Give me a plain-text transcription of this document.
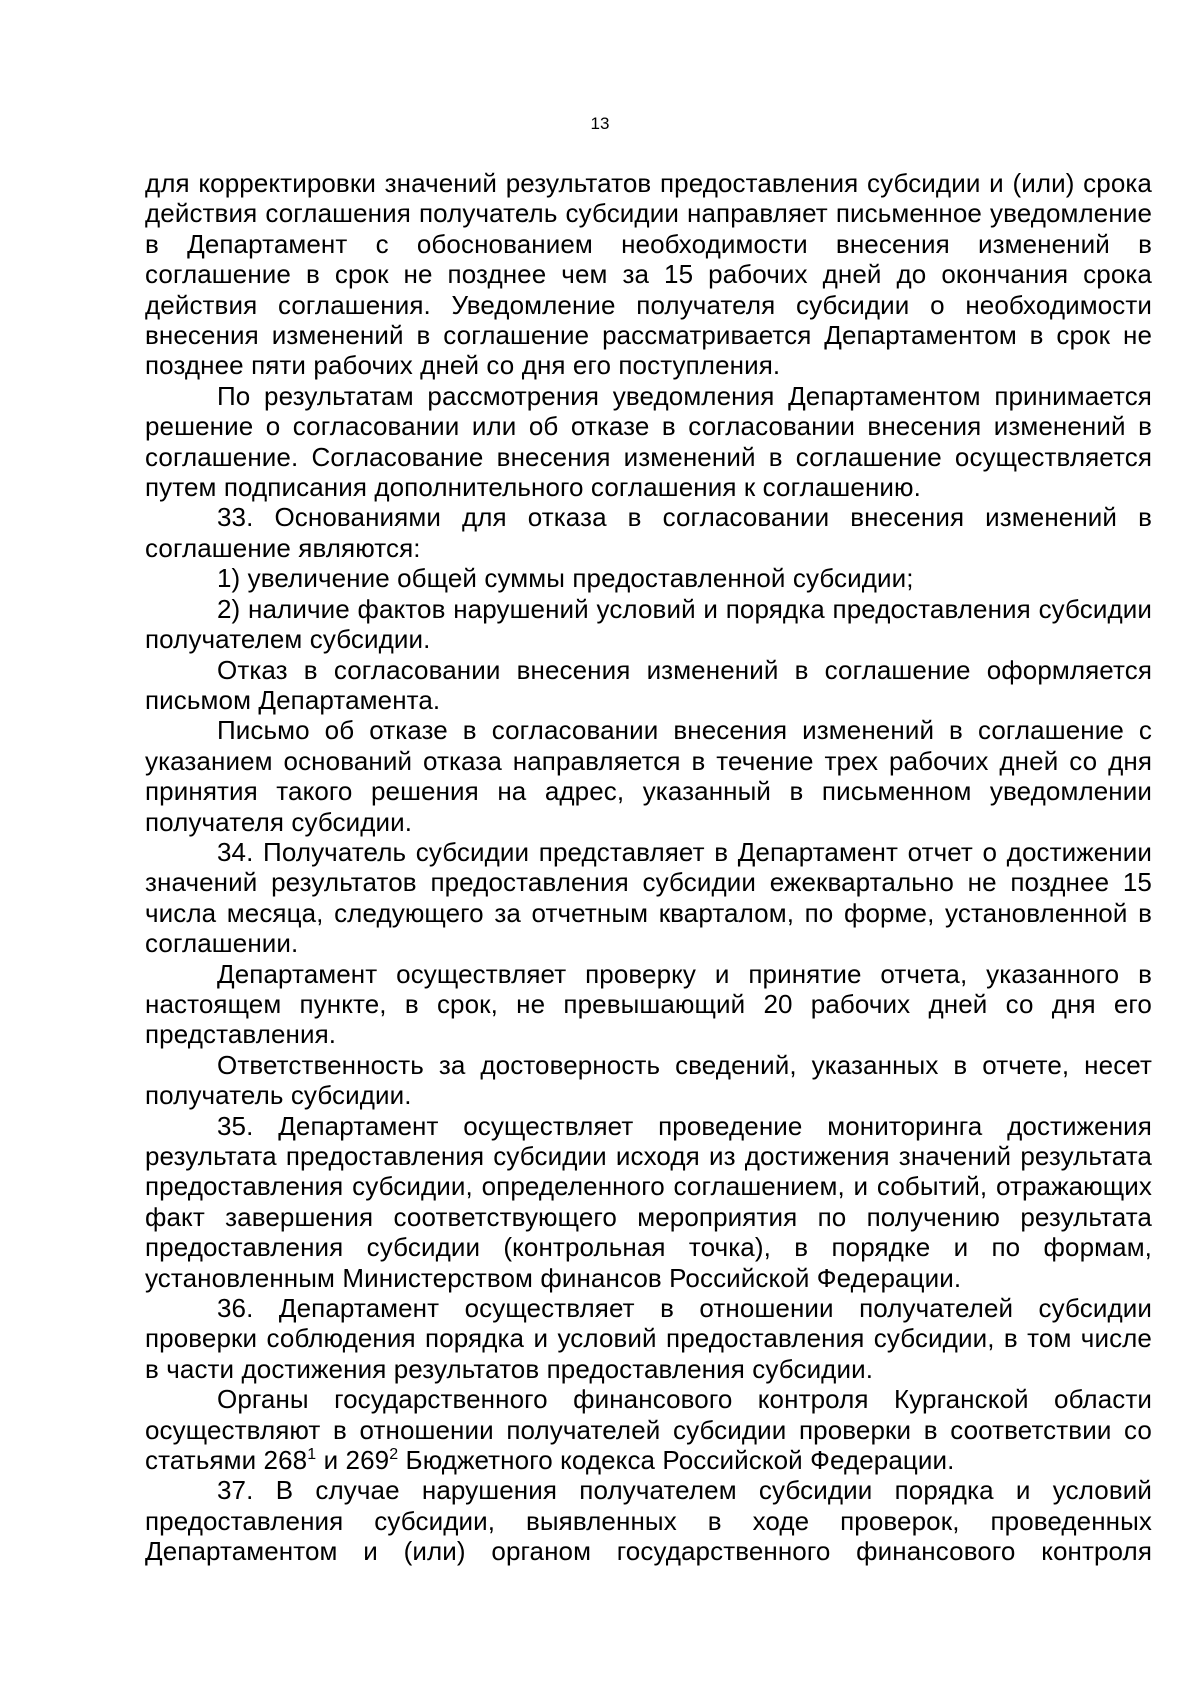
13

для корректировки значений результатов предоставления субсидии и (или) срока действия соглашения получатель субсидии направляет письменное уведомление в Департамент с обоснованием необходимости внесения изменений в соглашение в срок не позднее чем за 15 рабочих дней до окончания срока действия соглашения. Уведомление получателя субсидии о необходимости внесения изменений в соглашение рассматривается Департаментом в срок не позднее пяти рабочих дней со дня его поступления.

По результатам рассмотрения уведомления Департаментом принимается решение о согласовании или об отказе в согласовании внесения изменений в соглашение. Согласование внесения изменений в соглашение осуществляется путем подписания дополнительного соглашения к соглашению.

33. Основаниями для отказа в согласовании внесения изменений в соглашение являются:

1) увеличение общей суммы предоставленной субсидии;

2) наличие фактов нарушений условий и порядка предоставления субсидии получателем субсидии.

Отказ в согласовании внесения изменений в соглашение оформляется письмом Департамента.

Письмо об отказе в согласовании внесения изменений в соглашение с указанием оснований отказа направляется в течение трех рабочих дней со дня принятия такого решения на адрес, указанный в письменном уведомлении получателя субсидии.

34. Получатель субсидии представляет в Департамент отчет о достижении значений результатов предоставления субсидии ежеквартально не позднее 15 числа месяца, следующего за отчетным кварталом, по форме, установленной в соглашении.

Департамент осуществляет проверку и принятие отчета, указанного в настоящем пункте, в срок, не превышающий 20 рабочих дней со дня его представления.

Ответственность за достоверность сведений, указанных в отчете, несет получатель субсидии.

35. Департамент осуществляет проведение мониторинга достижения результата предоставления субсидии исходя из достижения значений результата предоставления субсидии, определенного соглашением, и событий, отражающих факт завершения соответствующего мероприятия по получению результата предоставления субсидии (контрольная точка), в порядке и по формам, установленным Министерством финансов Российской Федерации.

36. Департамент осуществляет в отношении получателей субсидии проверки соблюдения порядка и условий предоставления субсидии, в том числе в части достижения результатов предоставления субсидии.

Органы государственного финансового контроля Курганской области осуществляют в отношении получателей субсидии проверки в соответствии со статьями $268^1$ и $269^2$ Бюджетного кодекса Российской Федерации.

37. В случае нарушения получателем субсидии порядка и условий предоставления субсидии, выявленных в ходе проверок, проведенных Департаментом и (или) органом государственного финансового контроля
